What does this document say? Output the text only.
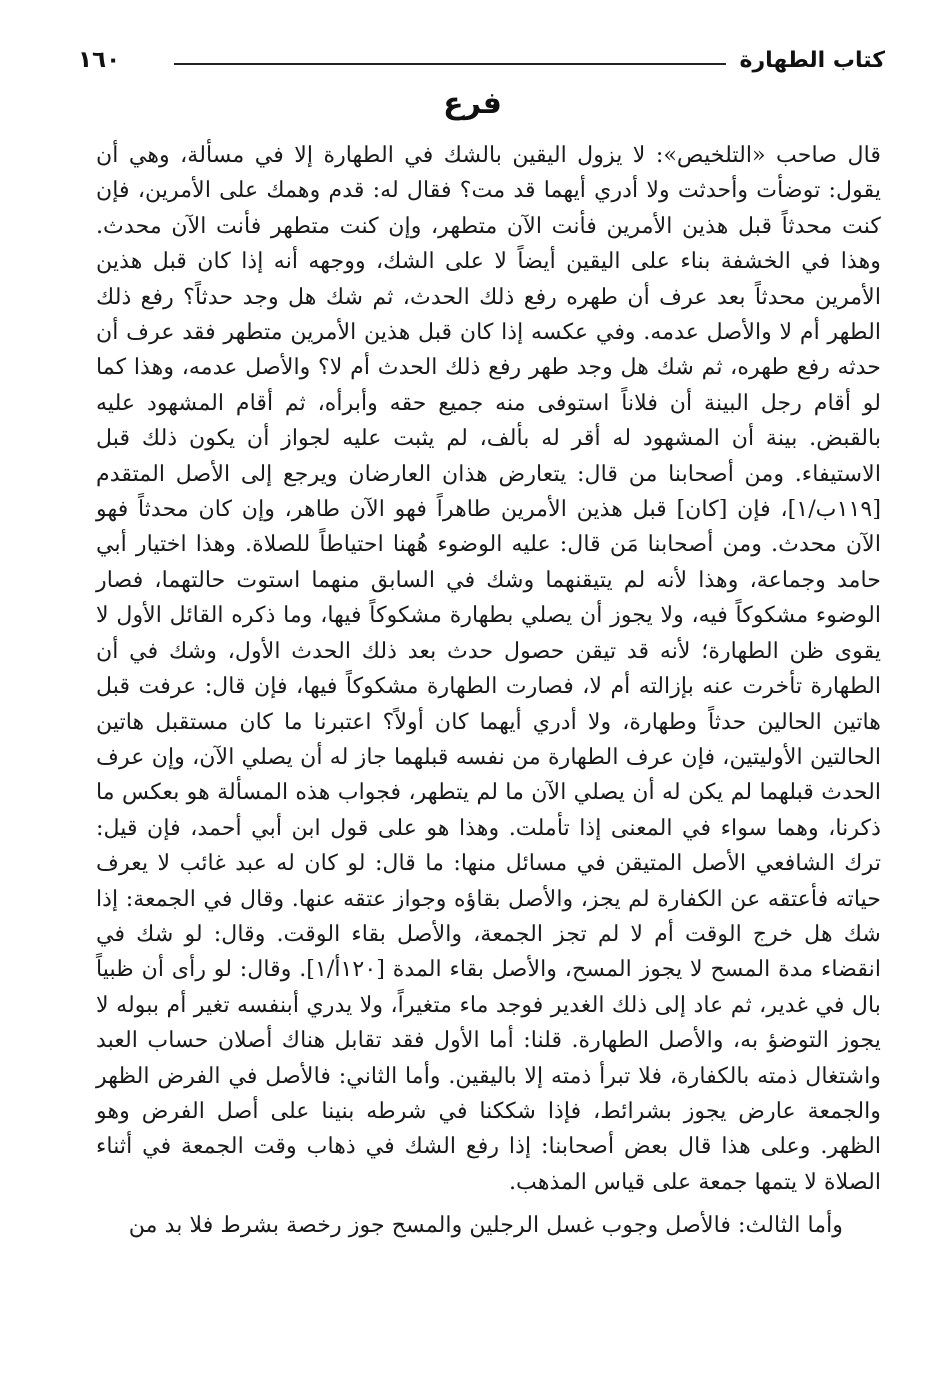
١٦٠	كتاب الطهارة
فرع

قال صاحب «التلخيص»: لا يزول اليقين بالشك في الطهارة إلا في مسألة، وهي أن يقول: توضأت وأحدثت ولا أدري أيهما قد مت؟ فقال له: قدم وهمك على الأمرين، فإن كنت محدثاً قبل هذين الأمرين فأنت الآن متطهر، وإن كنت متطهر فأنت الآن محدث. وهذا في الخشفة بناء على اليقين أيضاً لا على الشك، ووجهه أنه إذا كان قبل هذين الأمرين محدثاً بعد عرف أن طهره رفع ذلك الحدث، ثم شك هل وجد حدثاً؟ رفع ذلك الطهر أم لا والأصل عدمه. وفي عكسه إذا كان قبل هذين الأمرين متطهر فقد عرف أن حدثه رفع طهره، ثم شك هل وجد طهر رفع ذلك الحدث أم لا؟ والأصل عدمه، وهذا كما لو أقام رجل البينة أن فلاناً استوفى منه جميع حقه وأبرأه، ثم أقام المشهود عليه بالقبض. بينة أن المشهود له أقر له بألف، لم يثبت عليه لجواز أن يكون ذلك قبل الاستيفاء. ومن أصحابنا من قال: يتعارض هذان العارضان ويرجع إلى الأصل المتقدم [١١٩ب/١]، فإن [كان] قبل هذين الأمرين طاهراً فهو الآن طاهر، وإن كان محدثاً فهو الآن محدث. ومن أصحابنا مَن قال: عليه الوضوء هُهنا احتياطاً للصلاة. وهذا اختيار أبي حامد وجماعة، وهذا لأنه لم يتيقنهما وشك في السابق منهما استوت حالتهما، فصار الوضوء مشكوكاً فيه، ولا يجوز أن يصلي بطهارة مشكوكاً فيها، وما ذكره القائل الأول لا يقوى ظن الطهارة؛ لأنه قد تيقن حصول حدث بعد ذلك الحدث الأول، وشك في أن الطهارة تأخرت عنه بإزالته أم لا، فصارت الطهارة مشكوكاً فيها، فإن قال: عرفت قبل هاتين الحالين حدثاً وطهارة، ولا أدري أيهما كان أولاً؟ اعتبرنا ما كان مستقبل هاتين الحالتين الأوليتين، فإن عرف الطهارة من نفسه قبلهما جاز له أن يصلي الآن، وإن عرف الحدث قبلهما لم يكن له أن يصلي الآن ما لم يتطهر، فجواب هذه المسألة هو بعكس ما ذكرنا، وهما سواء في المعنى إذا تأملت. وهذا هو على قول ابن أبي أحمد، فإن قيل: ترك الشافعي الأصل المتيقن في مسائل منها: ما قال: لو كان له عبد غائب لا يعرف حياته فأعتقه عن الكفارة لم يجز، والأصل بقاؤه وجواز عتقه عنها. وقال في الجمعة: إذا شك هل خرج الوقت أم لا لم تجز الجمعة، والأصل بقاء الوقت. وقال: لو شك في انقضاء مدة المسح لا يجوز المسح، والأصل بقاء المدة [١٢٠أ/١]. وقال: لو رأى أن ظبياً بال في غدير، ثم عاد إلى ذلك الغدير فوجد ماء متغيراً، ولا يدري أبنفسه تغير أم ببوله لا يجوز التوضؤ به، والأصل الطهارة. قلنا: أما الأول فقد تقابل هناك أصلان حساب العبد واشتغال ذمته بالكفارة، فلا تبرأ ذمته إلا باليقين. وأما الثاني: فالأصل في الفرض الظهر والجمعة عارض يجوز بشرائط، فإذا شككنا في شرطه بنينا على أصل الفرض وهو الظهر. وعلى هذا قال بعض أصحابنا: إذا رفع الشك في ذهاب وقت الجمعة في أثناء الصلاة لا يتمها جمعة على قياس المذهب.

وأما الثالث: فالأصل وجوب غسل الرجلين والمسح جوز رخصة بشرط فلا بد من
